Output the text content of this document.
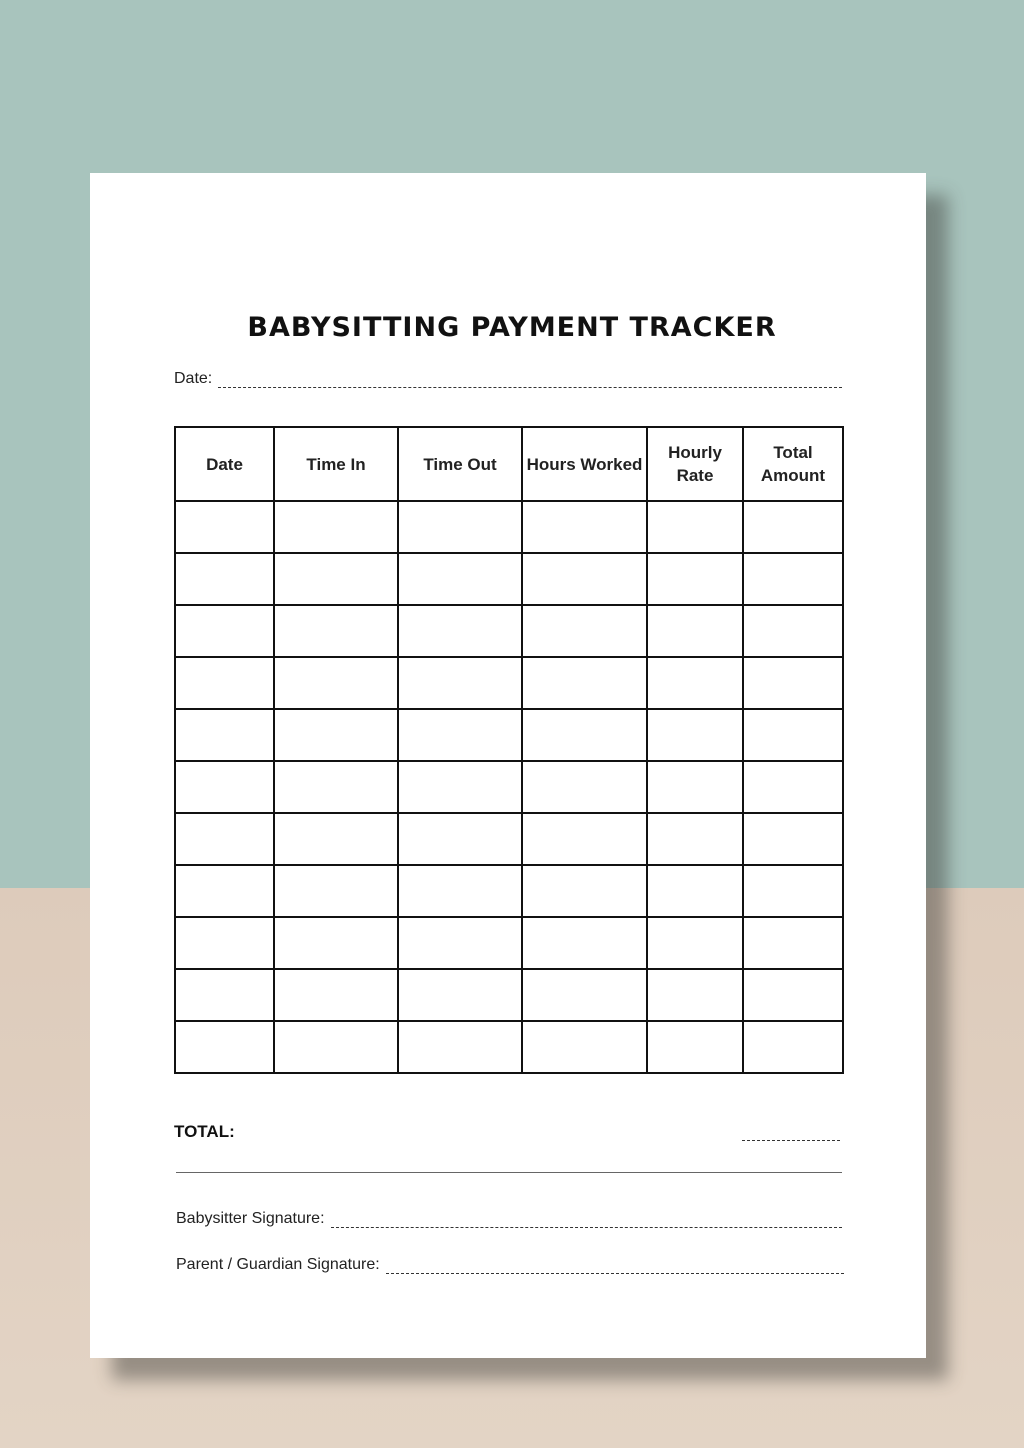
BABYSITTING PAYMENT TRACKER
Date:
Date	Time In	Time Out	Hours Worked	Hourly Rate	Total Amount

TOTAL:
Babysitter Signature:
Parent / Guardian Signature:
